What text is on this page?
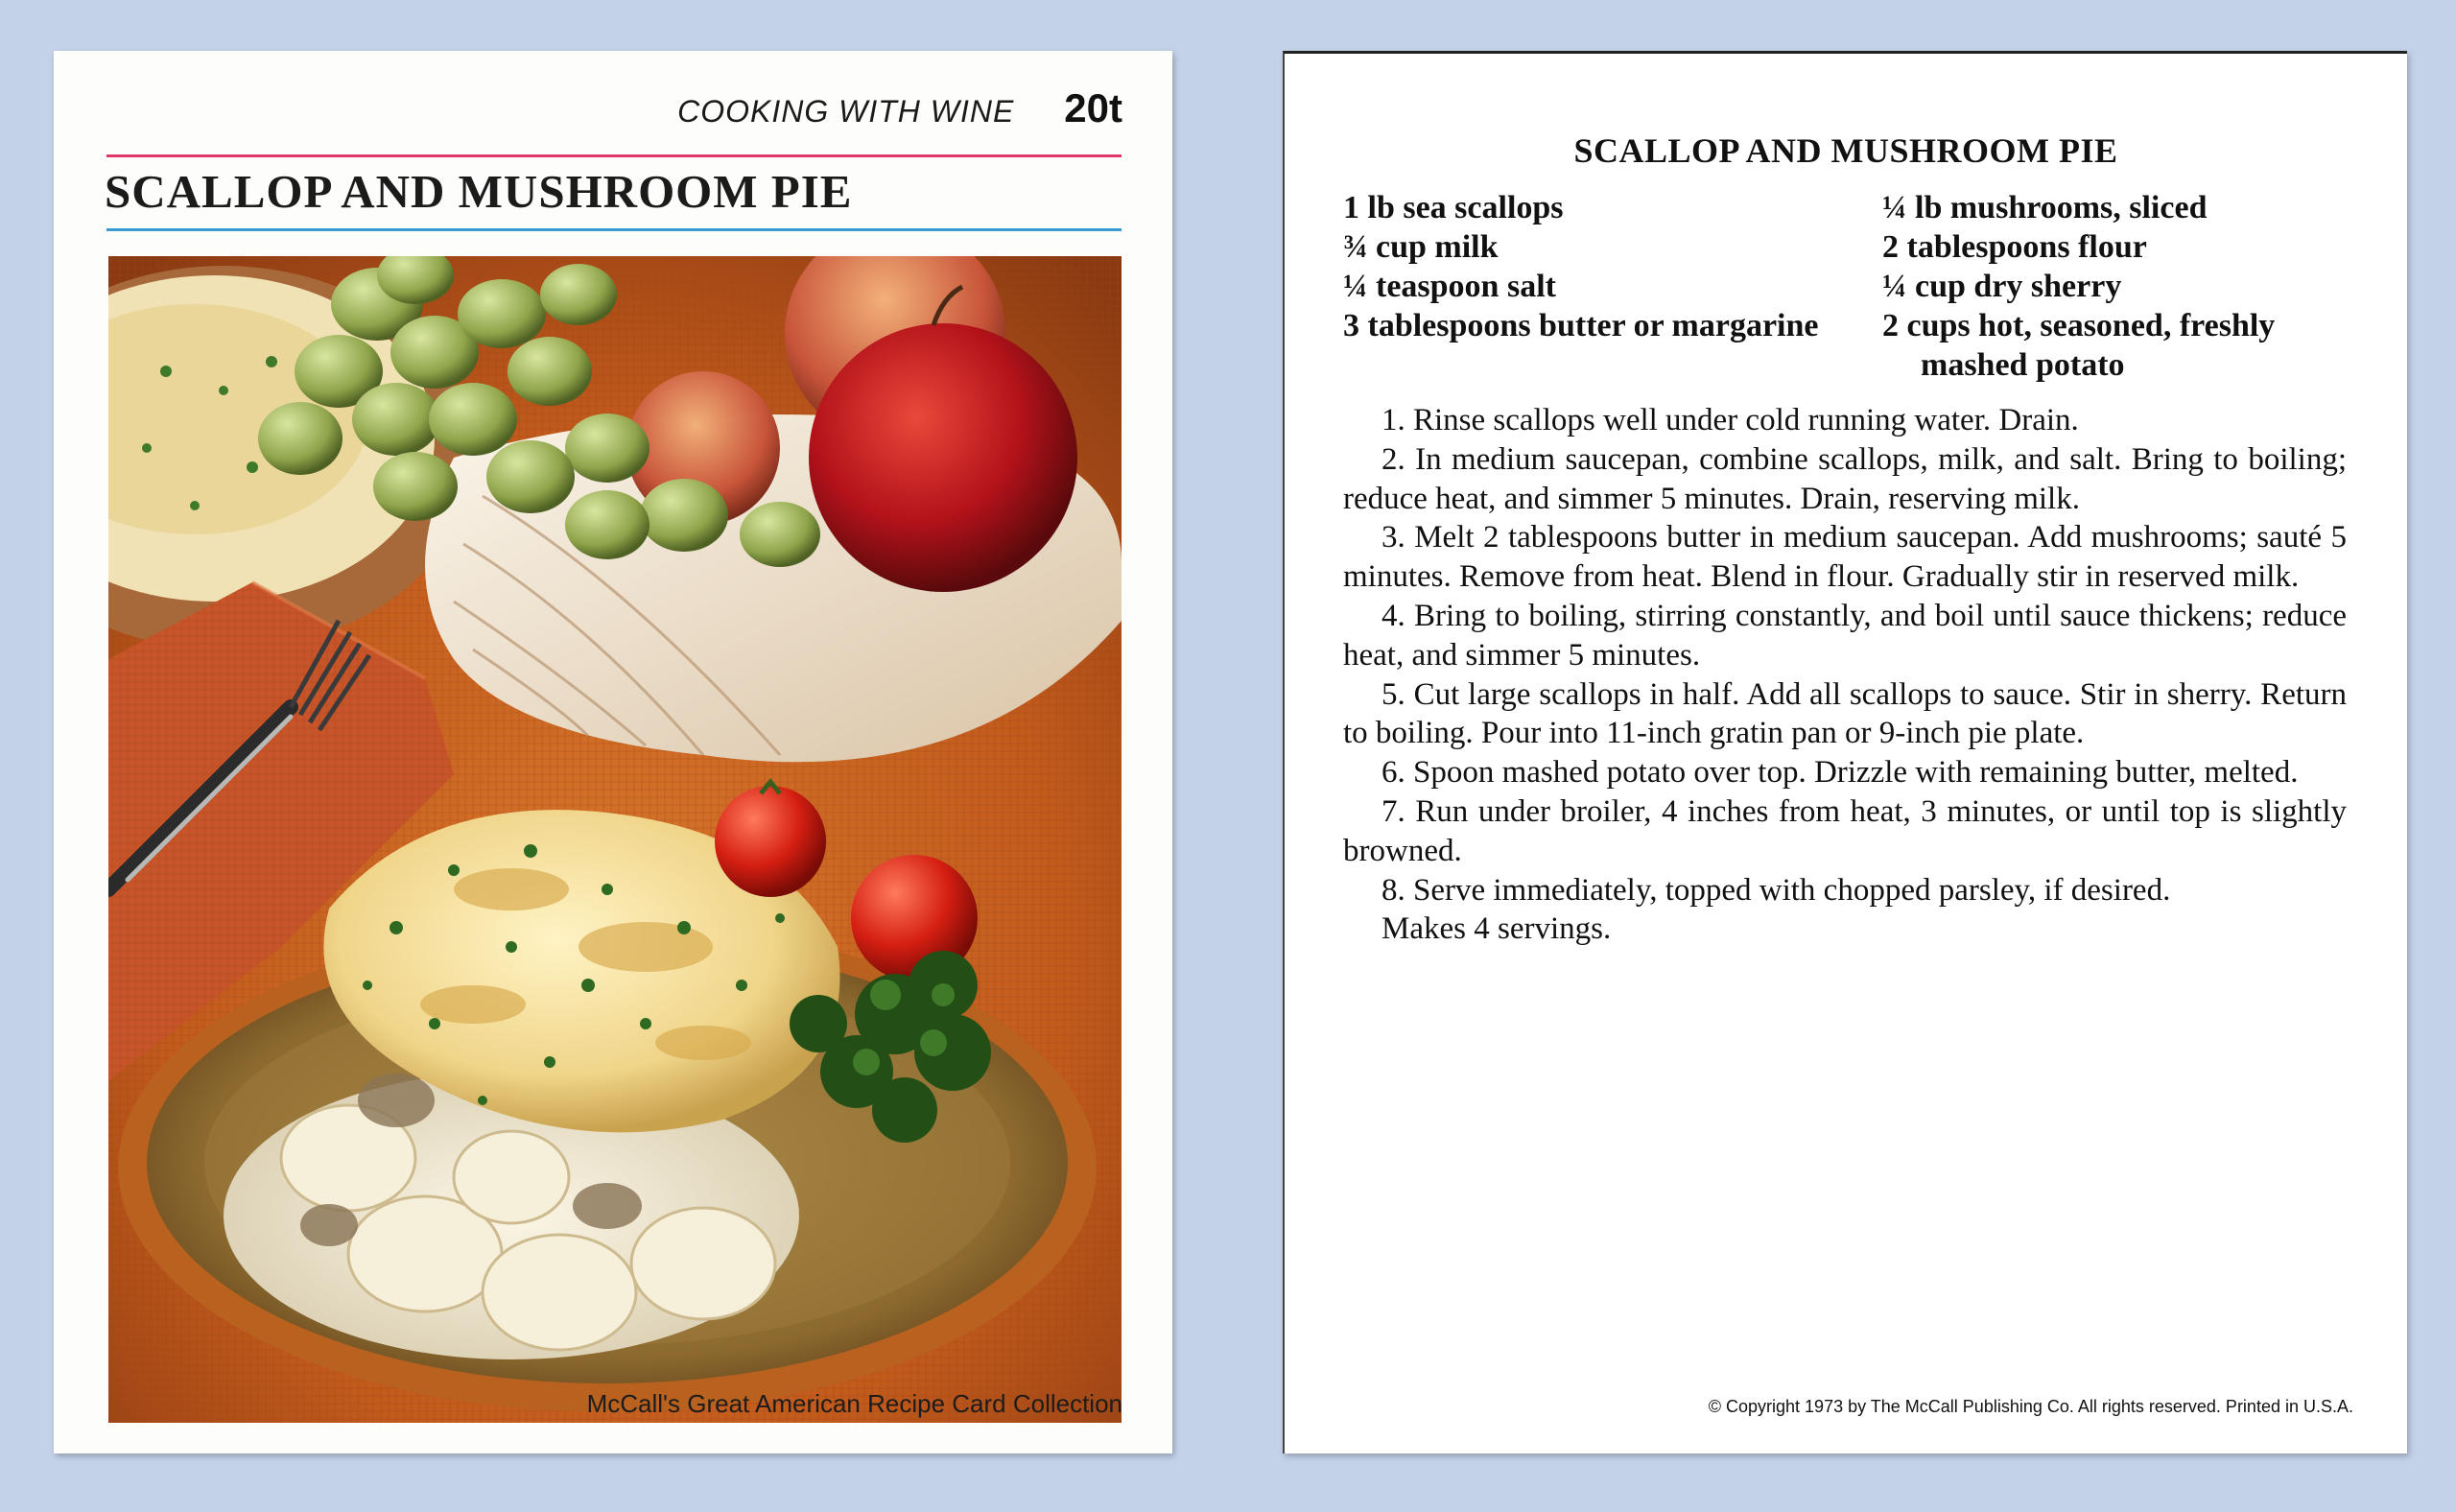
COOKING WITH WINE 20t
SCALLOP AND MUSHROOM PIE
McCall's Great American Recipe Card Collection
SCALLOP AND MUSHROOM PIE
1 lb sea scallops
¾ cup milk
¼ teaspoon salt
3 tablespoons butter or margarine
¼ lb mushrooms, sliced
2 tablespoons flour
¼ cup dry sherry
2 cups hot, seasoned, freshly mashed potato

1. Rinse scallops well under cold running water. Drain.

2. In medium saucepan, combine scallops, milk, and salt. Bring to boiling; reduce heat, and simmer 5 minutes. Drain, reserving milk.

3. Melt 2 tablespoons butter in medium saucepan. Add mushrooms; sauté 5 minutes. Remove from heat. Blend in flour. Gradually stir in reserved milk.

4. Bring to boiling, stirring constantly, and boil until sauce thickens; reduce heat, and simmer 5 minutes.

5. Cut large scallops in half. Add all scallops to sauce. Stir in sherry. Return to boiling. Pour into 11-inch gratin pan or 9-inch pie plate.

6. Spoon mashed potato over top. Drizzle with remaining butter, melted.

7. Run under broiler, 4 inches from heat, 3 minutes, or until top is slightly browned.

8. Serve immediately, topped with chopped parsley, if desired.

Makes 4 servings.

© Copyright 1973 by The McCall Publishing Co. All rights reserved. Printed in U.S.A.
